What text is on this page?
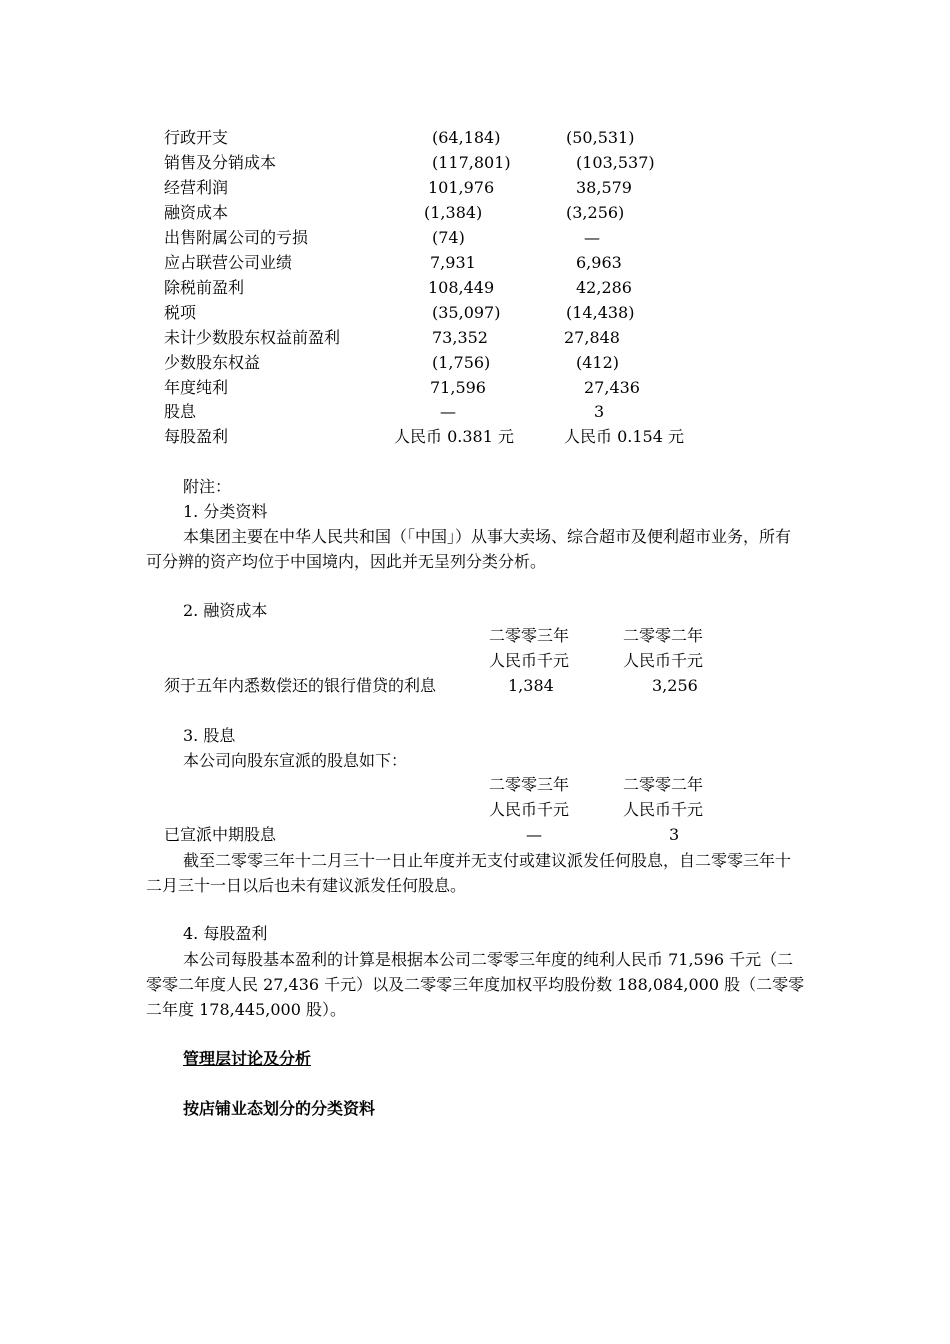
行政开支	(64,184)	(50,531)
销售及分销成本	(117,801)	(103,537)
经营利润	101,976	38,579
融资成本	(1,384)	(3,256)
出售附属公司的亏损	(74)	—
应占联营公司业绩	7,931	6,963
除税前盈利	108,449	42,286
税项	(35,097)	(14,438)
未计少数股东权益前盈利	73,352	27,848
少数股东权益	(1,756)	(412)
年度纯利	71,596	27,436
股息	—	3
每股盈利	人民币 0.381 元	人民币 0.154 元
附注：
1. 分类资料
本集团主要在中华人民共和国（「中国」）从事大卖场、综合超市及便利超市业务，所有可分辨的资产均位于中国境内，因此并无呈列分类分析。
2. 融资成本
二零零三年	二零零二年
人民币千元	人民币千元
须于五年内悉数偿还的银行借贷的利息	1,384	3,256
3. 股息
本公司向股东宣派的股息如下：
二零零三年	二零零二年
人民币千元	人民币千元
已宣派中期股息	—	3
截至二零零三年十二月三十一日止年度并无支付或建议派发任何股息，自二零零三年十二月三十一日以后也未有建议派发任何股息。
4. 每股盈利
本公司每股基本盈利的计算是根据本公司二零零三年度的纯利人民币 71,596 千元（二零零二年度人民 27,436 千元）以及二零零三年度加权平均股份数 188,084,000 股（二零零二年度 178,445,000 股）。
管理层讨论及分析
按店铺业态划分的分类资料
